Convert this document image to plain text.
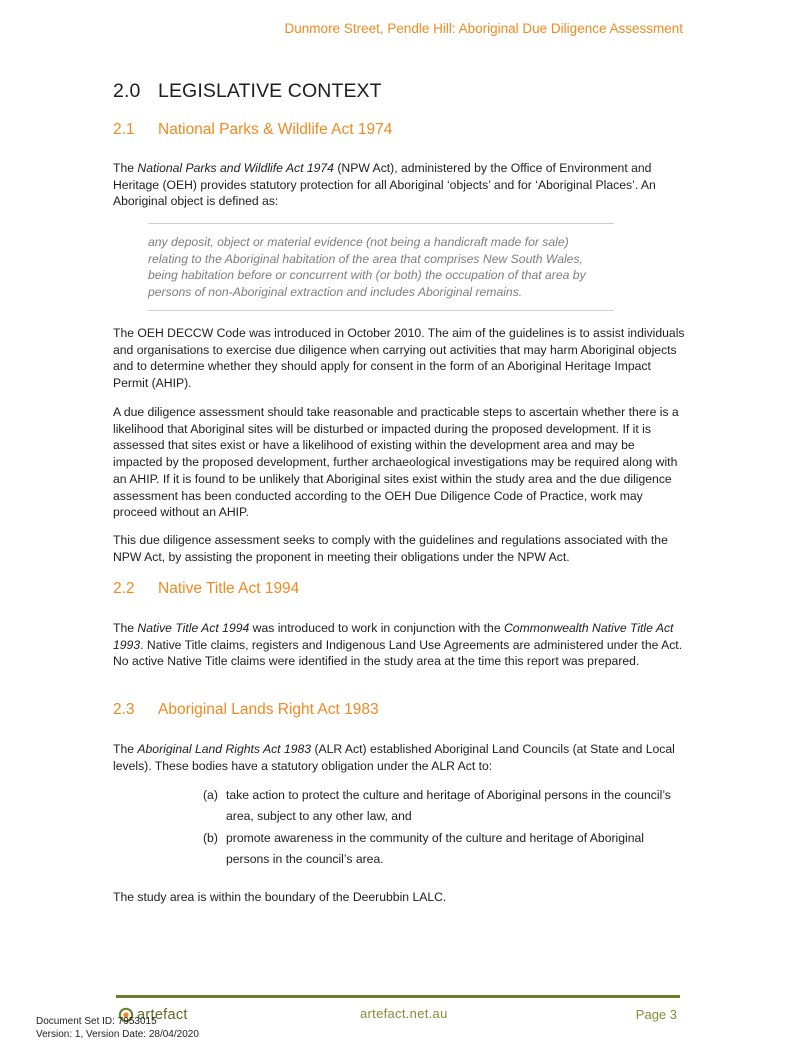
Dunmore Street, Pendle Hill: Aboriginal Due Diligence Assessment
2.0 LEGISLATIVE CONTEXT
2.1 National Parks & Wildlife Act 1974

The National Parks and Wildlife Act 1974 (NPW Act), administered by the Office of Environment and Heritage (OEH) provides statutory protection for all Aboriginal ‘objects’ and for ‘Aboriginal Places’. An Aboriginal object is defined as:

any deposit, object or material evidence (not being a handicraft made for sale) relating to the Aboriginal habitation of the area that comprises New South Wales, being habitation before or concurrent with (or both) the occupation of that area by persons of non-Aboriginal extraction and includes Aboriginal remains.

The OEH DECCW Code was introduced in October 2010. The aim of the guidelines is to assist individuals and organisations to exercise due diligence when carrying out activities that may harm Aboriginal objects and to determine whether they should apply for consent in the form of an Aboriginal Heritage Impact Permit (AHIP).

A due diligence assessment should take reasonable and practicable steps to ascertain whether there is a likelihood that Aboriginal sites will be disturbed or impacted during the proposed development. If it is assessed that sites exist or have a likelihood of existing within the development area and may be impacted by the proposed development, further archaeological investigations may be required along with an AHIP. If it is found to be unlikely that Aboriginal sites exist within the study area and the due diligence assessment has been conducted according to the OEH Due Diligence Code of Practice, work may proceed without an AHIP.

This due diligence assessment seeks to comply with the guidelines and regulations associated with the NPW Act, by assisting the proponent in meeting their obligations under the NPW Act.

2.2 Native Title Act 1994

The Native Title Act 1994 was introduced to work in conjunction with the Commonwealth Native Title Act 1993. Native Title claims, registers and Indigenous Land Use Agreements are administered under the Act. No active Native Title claims were identified in the study area at the time this report was prepared.

2.3 Aboriginal Lands Right Act 1983

The Aboriginal Land Rights Act 1983 (ALR Act) established Aboriginal Land Councils (at State and Local levels). These bodies have a statutory obligation under the ALR Act to:

(a) take action to protect the culture and heritage of Aboriginal persons in the council’s area, subject to any other law, and
(b) promote awareness in the community of the culture and heritage of Aboriginal persons in the council’s area.

The study area is within the boundary of the Deerubbin LALC.

artefact	artefact.net.au	Page 3
Document Set ID: 7953015
Version: 1, Version Date: 28/04/2020
